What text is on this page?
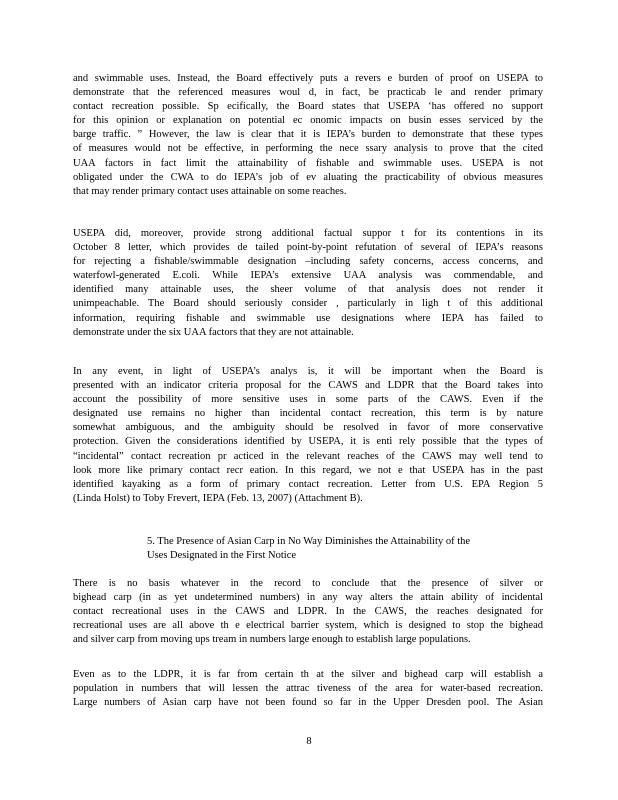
and swimmable uses. Instead, the Board effectively puts a revers e burden of proof on USEPA to
demonstrate that the referenced measures woul d, in fact, be practicab le and render primary
contact recreation possible. Sp ecifically, the Board states that USEPA ‘has offered no support
for this opinion or explanation on potential ec onomic impacts on busin esses serviced by the
barge traffic. ” However, the law is clear that it is IEPA’s burden to demonstrate that these types
of measures would not be effective, in performing the nece ssary analysis to prove that the cited
UAA factors in fact limit the attainability of fishable and swimmable uses. USEPA is not
obligated under the CWA to do IEPA’s job of ev aluating the practicability of obvious measures
that may render primary contact uses attainable on some reaches.
USEPA did, moreover, provide strong additional factual suppor t for its contentions in its
October 8 letter, which provides de tailed point-by-point refutation of several of IEPA’s reasons
for rejecting a fishable/swimmable designation –including safety concerns, access concerns, and
waterfowl-generated E.coli. While IEPA’s extensive UAA analysis was commendable, and
identified many attainable uses, the sheer volume of that analysis does not render it
unimpeachable. The Board should seriously consider , particularly in ligh t of this additional
information, requiring fishable and swimmable use designations where IEPA has failed to
demonstrate under the six UAA factors that they are not attainable.
In any event, in light of USEPA’s analys is, it will be important when the Board is
presented with an indicator criteria proposal for the CAWS and LDPR that the Board takes into
account the possibility of more sensitive uses in some parts of the CAWS. Even if the
designated use remains no higher than incidental contact recreation, this term is by nature
somewhat ambiguous, and the ambiguity should be resolved in favor of more conservative
protection. Given the considerations identified by USEPA, it is enti rely possible that the types of
“incidental” contact recreation pr acticed in the relevant reaches of the CAWS may well tend to
look more like primary contact recr eation. In this regard, we not e that USEPA has in the past
identified kayaking as a form of primary contact recreation. Letter from U.S. EPA Region 5
(Linda Holst) to Toby Frevert, IEPA (Feb. 13, 2007) (Attachment B).
5. The Presence of Asian Carp in No Way Diminishes the Attainability of the
Uses Designated in the First Notice
There is no basis whatever in the record to conclude that the presence of silver or
bighead carp (in as yet undetermined numbers) in any way alters the attain ability of incidental
contact recreational uses in the CAWS and LDPR. In the CAWS, the reaches designated for
recreational uses are all above th e electrical barrier system, which is designed to stop the bighead
and silver carp from moving ups tream in numbers large enough to establish large populations.
Even as to the LDPR, it is far from certain th at the silver and bighead carp will establish a
population in numbers that will lessen the attrac tiveness of the area for water-based recreation.
Large numbers of Asian carp have not been found so far in the Upper Dresden pool. The Asian
8
